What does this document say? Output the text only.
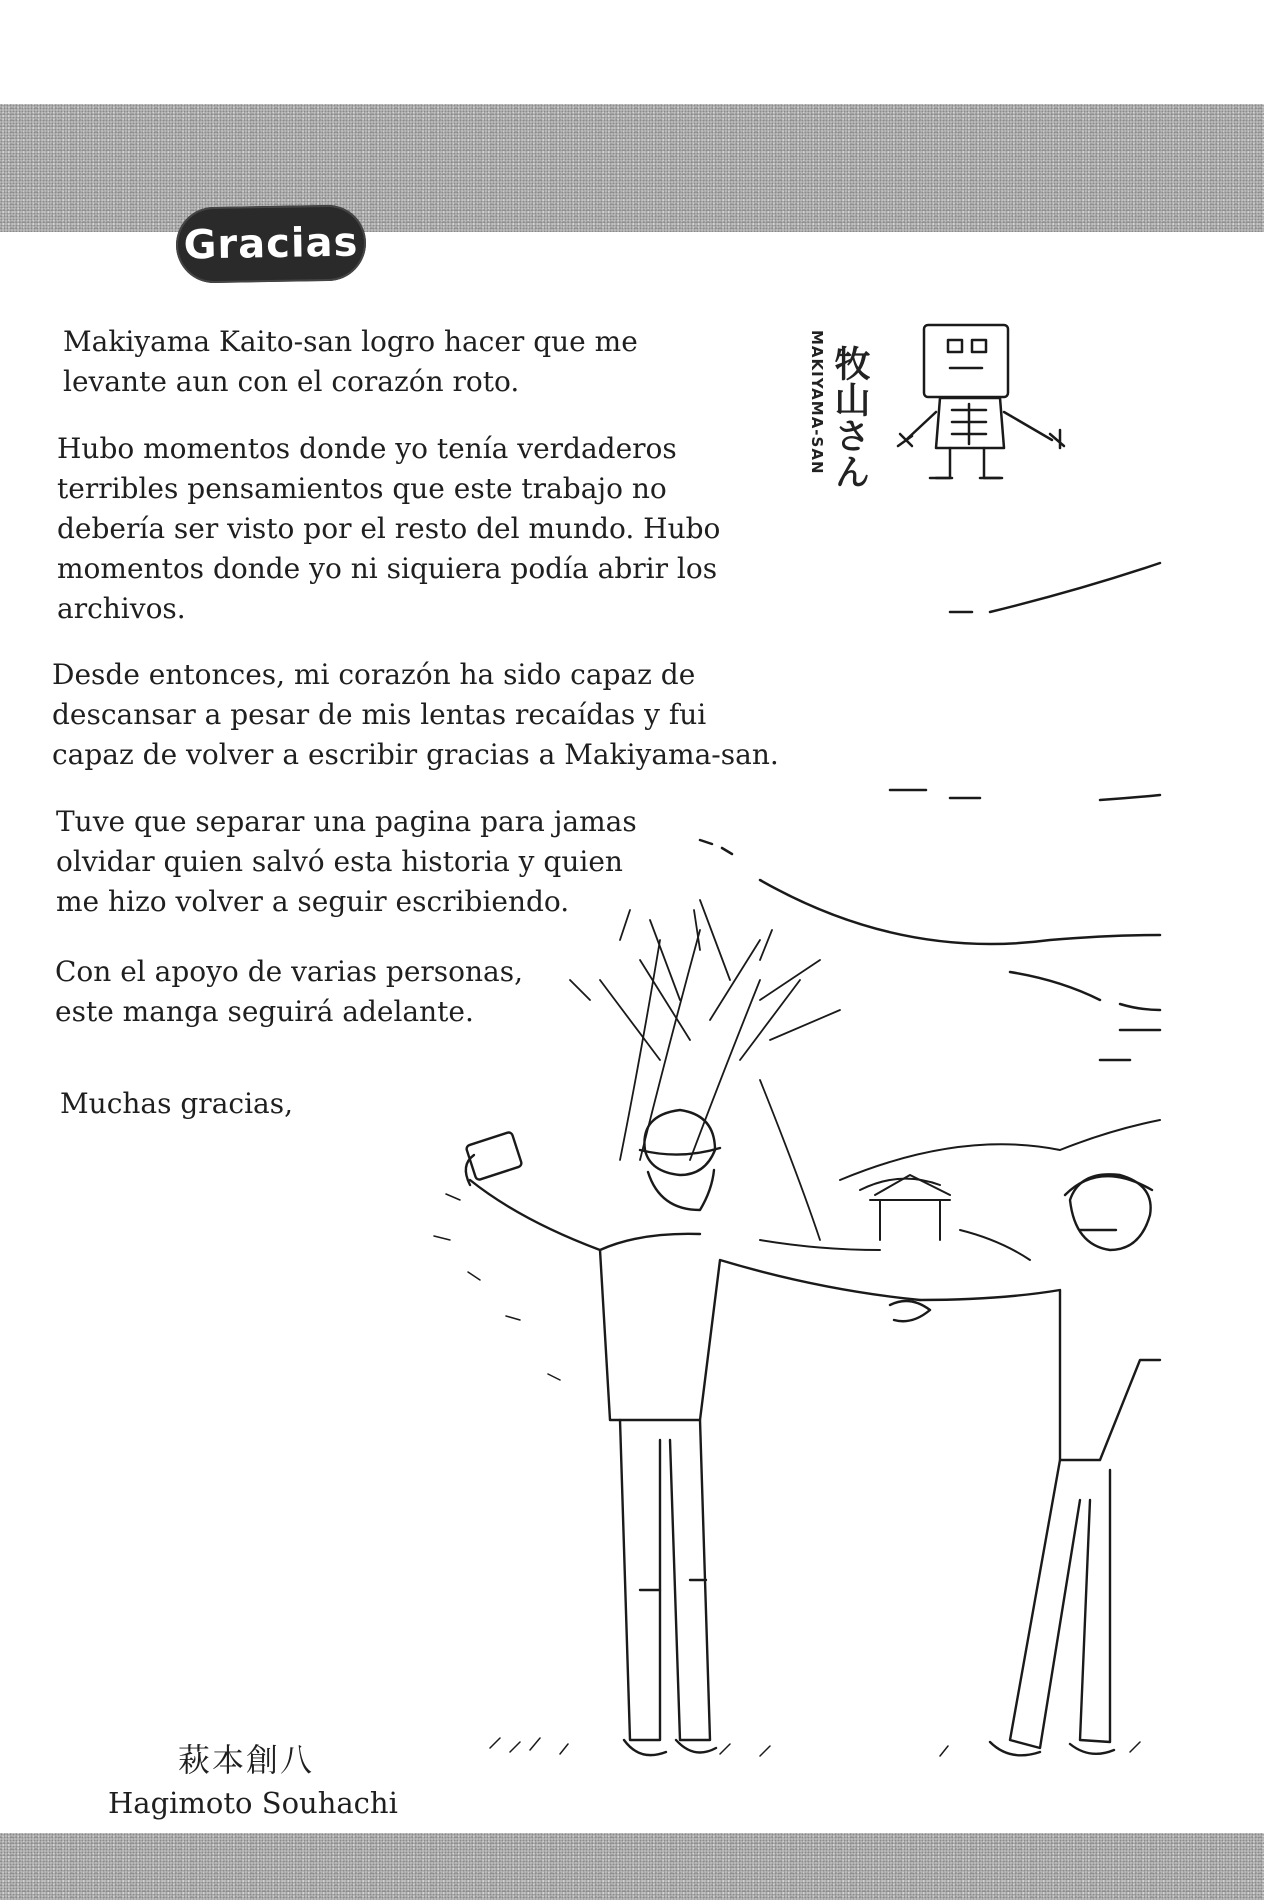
Gracias

Makiyama Kaito-san logro hacer que me
levante aun con el corazón roto.

Hubo momentos donde yo tenía verdaderos
terribles pensamientos que este trabajo no
debería ser visto por el resto del mundo. Hubo
momentos donde yo ni siquiera podía abrir los
archivos.

Desde entonces, mi corazón ha sido capaz de
descansar a pesar de mis lentas recaídas y fui
capaz de volver a escribir gracias a Makiyama-san.

Tuve que separar una pagina para jamas
olvidar quien salvó esta historia y quien
me hizo volver a seguir escribiendo.

Con el apoyo de varias personas,
este manga seguirá adelante.

Muchas gracias,

MAKIYAMA-SAN 牧山さん
萩本創八
Hagimoto Souhachi
